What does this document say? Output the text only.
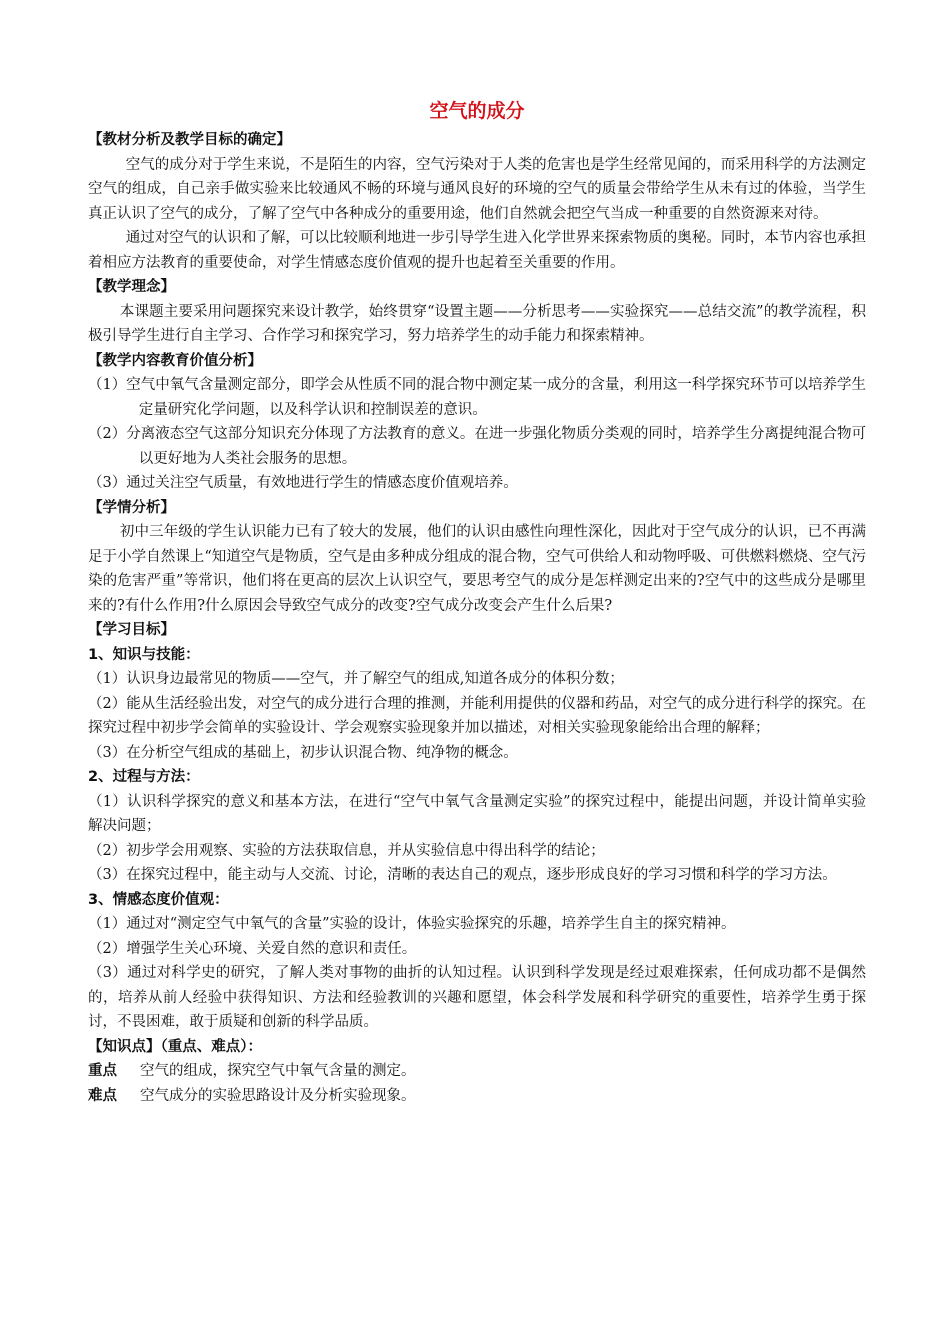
空气的成分
【教材分析及教学目标的确定】

空气的成分对于学生来说，不是陌生的内容，空气污染对于人类的危害也是学生经常见闻的，而采用科学的方法测定空气的组成，自己亲手做实验来比较通风不畅的环境与通风良好的环境的空气的质量会带给学生从未有过的体验，当学生真正认识了空气的成分，了解了空气中各种成分的重要用途，他们自然就会把空气当成一种重要的自然资源来对待。

通过对空气的认识和了解，可以比较顺利地进一步引导学生进入化学世界来探索物质的奥秘。同时，本节内容也承担着相应方法教育的重要使命，对学生情感态度价值观的提升也起着至关重要的作用。

【教学理念】

本课题主要采用问题探究来设计教学，始终贯穿“设置主题——分析思考——实验探究——总结交流”的教学流程，积极引导学生进行自主学习、合作学习和探究学习，努力培养学生的动手能力和探索精神。

【教学内容教育价值分析】

（1）空气中氧气含量测定部分，即学会从性质不同的混合物中测定某一成分的含量，利用这一科学探究环节可以培养学生定量研究化学问题，以及科学认识和控制误差的意识。

（2）分离液态空气这部分知识充分体现了方法教育的意义。在进一步强化物质分类观的同时，培养学生分离提纯混合物可以更好地为人类社会服务的思想。

（3）通过关注空气质量，有效地进行学生的情感态度价值观培养。

【学情分析】

初中三年级的学生认识能力已有了较大的发展，他们的认识由感性向理性深化，因此对于空气成分的认识，已不再满足于小学自然课上“知道空气是物质，空气是由多种成分组成的混合物，空气可供给人和动物呼吸、可供燃料燃烧、空气污染的危害严重”等常识，他们将在更高的层次上认识空气，要思考空气的成分是怎样测定出来的?空气中的这些成分是哪里来的?有什么作用?什么原因会导致空气成分的改变?空气成分改变会产生什么后果?

【学习目标】
1、知识与技能：

（1）认识身边最常见的物质——空气，并了解空气的组成,知道各成分的体积分数；

（2）能从生活经验出发，对空气的成分进行合理的推测，并能利用提供的仪器和药品，对空气的成分进行科学的探究。在探究过程中初步学会简单的实验设计、学会观察实验现象并加以描述，对相关实验现象能给出合理的解释；

（3）在分析空气组成的基础上，初步认识混合物、纯净物的概念。

2、过程与方法：

（1）认识科学探究的意义和基本方法，在进行“空气中氧气含量测定实验”的探究过程中，能提出问题，并设计简单实验解决问题；

（2）初步学会用观察、实验的方法获取信息，并从实验信息中得出科学的结论；

（3）在探究过程中，能主动与人交流、讨论，清晰的表达自己的观点，逐步形成良好的学习习惯和科学的学习方法。

3、情感态度价值观：

（1）通过对“测定空气中氧气的含量”实验的设计，体验实验探究的乐趣，培养学生自主的探究精神。

（2）增强学生关心环境、关爱自然的意识和责任。

（3）通过对科学史的研究，了解人类对事物的曲折的认知过程。认识到科学发现是经过艰难探索，任何成功都不是偶然的，培养从前人经验中获得知识、方法和经验教训的兴趣和愿望，体会科学发展和科学研究的重要性，培养学生勇于探讨，不畏困难，敢于质疑和创新的科学品质。

【知识点】（重点、难点）：

重点 空气的组成，探究空气中氧气含量的测定。

难点 空气成分的实验思路设计及分析实验现象。
